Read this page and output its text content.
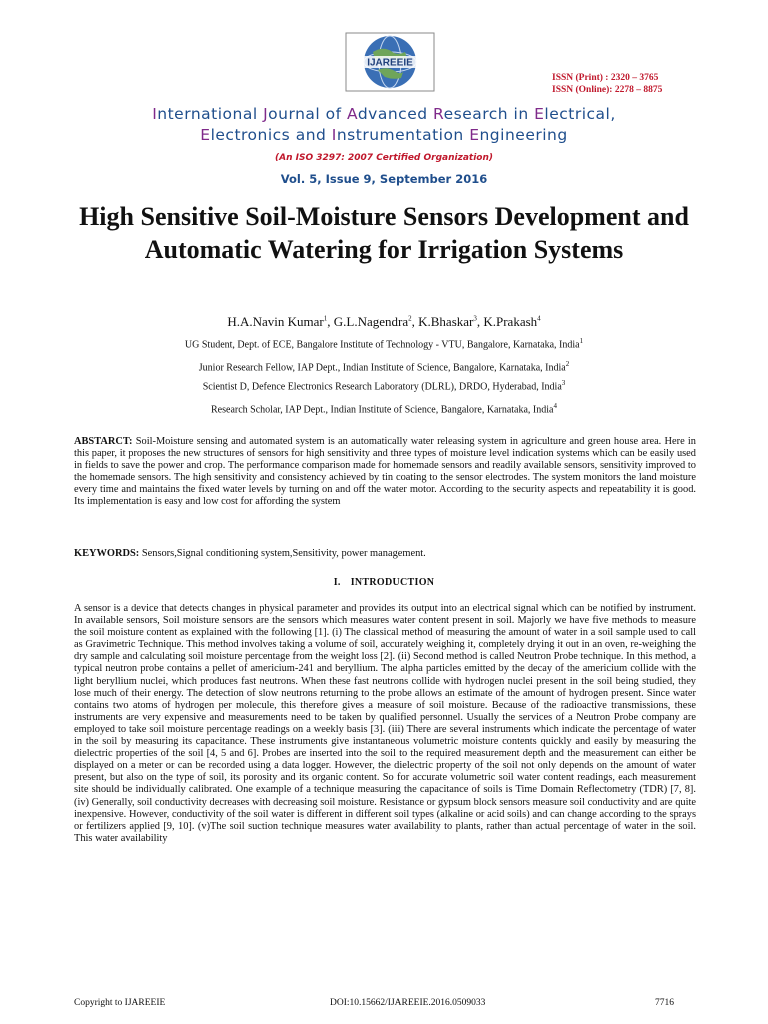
IJAREEIE
ISSN (Print) : 2320 – 3765
ISSN (Online): 2278 – 8875
International Journal of Advanced Research in Electrical,
Electronics and Instrumentation Engineering
(An ISO 3297: 2007 Certified Organization)
Vol. 5, Issue 9, September 2016
High Sensitive Soil-Moisture Sensors Development and Automatic Watering for Irrigation Systems
H.A.Navin Kumar$^1$, G.L.Nagendra$^2$, K.Bhaskar$^3$, K.Prakash$^4$
UG Student, Dept. of ECE, Bangalore Institute of Technology - VTU, Bangalore, Karnataka, India$^1$
Junior Research Fellow, IAP Dept., Indian Institute of Science, Bangalore, Karnataka, India$^2$
Scientist D, Defence Electronics Research Laboratory (DLRL), DRDO, Hyderabad, India$^3$
Research Scholar, IAP Dept., Indian Institute of Science, Bangalore, Karnataka, India$^4$
ABSTARCT: Soil-Moisture sensing and automated system is an automatically water releasing system in agriculture and green house area. Here in this paper, it proposes the new structures of sensors for high sensitivity and three types of moisture level indication systems which can be easily used in fields to save the power and crop. The performance comparison made for homemade sensors and readily available sensors, sensitivity improved to the homemade sensors. The high sensitivity and consistency achieved by tin coating to the sensor electrodes. The system monitors the land moisture every time and maintains the fixed water levels by turning on and off the water motor. According to the security aspects and repeatability it is good. Its implementation is easy and low cost for affording the system
KEYWORDS: Sensors,Signal conditioning system,Sensitivity, power management.
I. INTRODUCTION
A sensor is a device that detects changes in physical parameter and provides its output into an electrical signal which can be notified by instrument. In available sensors, Soil moisture sensors are the sensors which measures water content present in soil. Majorly we have five methods to measure the soil moisture content as explained with the following [1]. (i) The classical method of measuring the amount of water in a soil sample used to call as Gravimetric Technique. This method involves taking a volume of soil, accurately weighing it, completely drying it out in an oven, re-weighing the dry sample and calculating soil moisture percentage from the weight loss [2]. (ii) Second method is called Neutron Probe technique. In this method, a typical neutron probe contains a pellet of americium-241 and beryllium. The alpha particles emitted by the decay of the americium collide with the light beryllium nuclei, which produces fast neutrons. When these fast neutrons collide with hydrogen nuclei present in the soil being studied, they lose much of their energy. The detection of slow neutrons returning to the probe allows an estimate of the amount of hydrogen present. Since water contains two atoms of hydrogen per molecule, this therefore gives a measure of soil moisture. Because of the radioactive transmissions, these instruments are very expensive and measurements need to be taken by qualified personnel. Usually the services of a Neutron Probe company are employed to take soil moisture percentage readings on a weekly basis [3]. (iii) There are several instruments which indicate the percentage of water in the soil by measuring its capacitance. These instruments give instantaneous volumetric moisture contents quickly and easily by measuring the dielectric properties of the soil [4, 5 and 6]. Probes are inserted into the soil to the required measurement depth and the measurement can either be displayed on a meter or can be recorded using a data logger. However, the dielectric property of the soil not only depends on the amount of water present, but also on the type of soil, its porosity and its organic content. So for accurate volumetric soil water content readings, each measurement site should be individually calibrated. One example of a technique measuring the capacitance of soils is Time Domain Reflectometry (TDR) [7, 8]. (iv) Generally, soil conductivity decreases with decreasing soil moisture. Resistance or gypsum block sensors measure soil conductivity and are quite inexpensive. However, conductivity of the soil water is different in different soil types (alkaline or acid soils) and can change according to the sprays or fertilizers applied [9, 10]. (v)The soil suction technique measures water availability to plants, rather than actual percentage of water in the soil. This water availability
Copyright to IJAREEIE	DOI:10.15662/IJAREEIE.2016.0509033	7716
